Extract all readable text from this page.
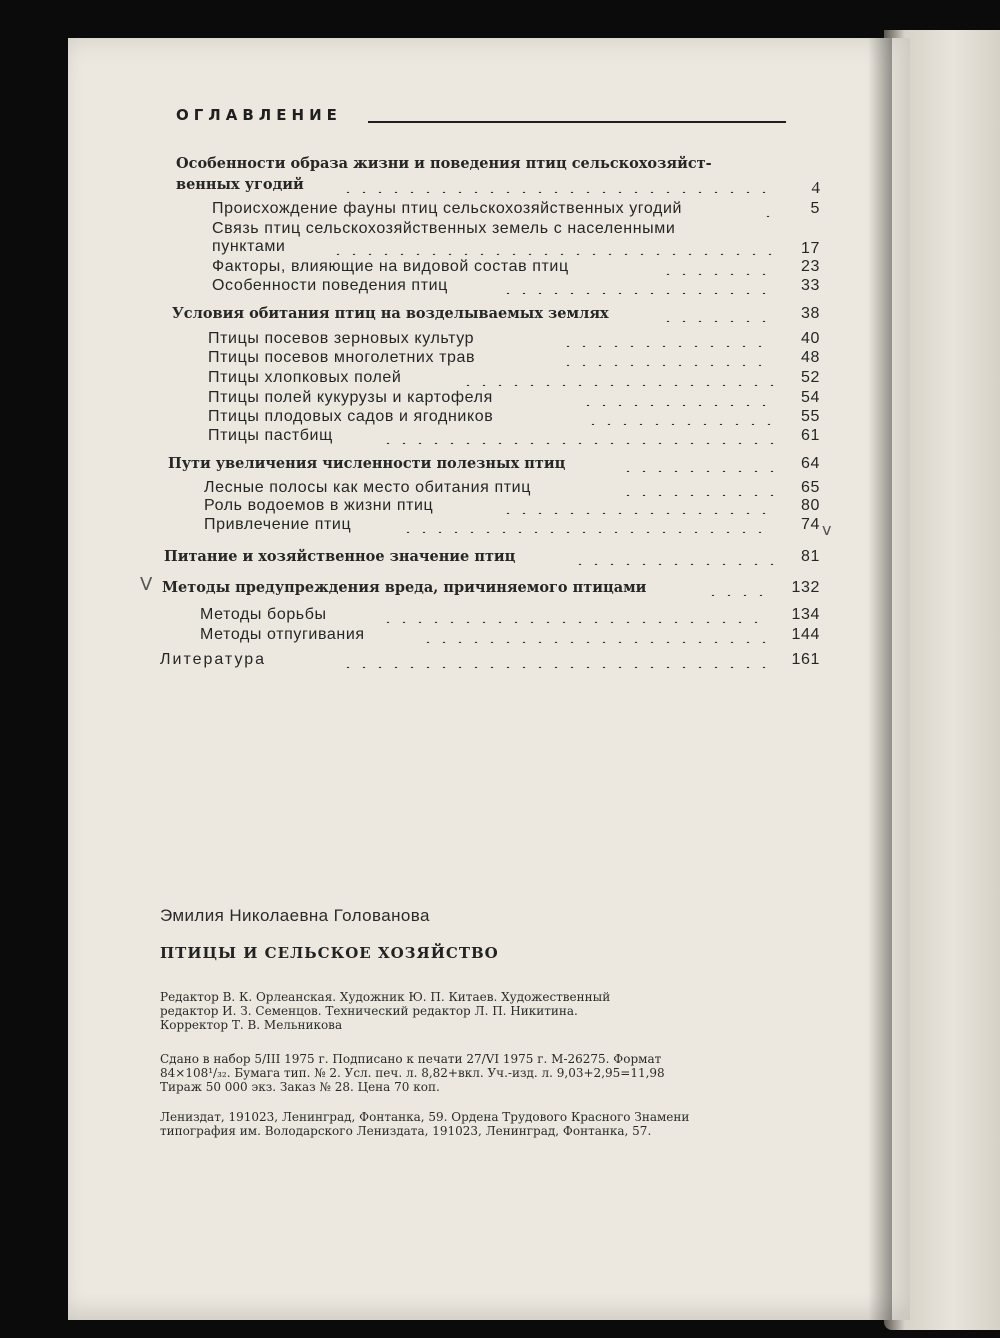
ОГЛАВЛЕНИЕ
Особенности образа жизни и поведения птиц сельскохозяйст-
венных угодий	4
Происхождение фауны птиц сельскохозяйственных угодий	5
Связь птиц сельскохозяйственных земель с населенными
пунктами	17
Факторы, влияющие на видовой состав птиц	23
Особенности поведения птиц	33
Условия обитания птиц на возделываемых землях	38
Птицы посевов зерновых культур	40
Птицы посевов многолетних трав	48
Птицы хлопковых полей	52
Птицы полей кукурузы и картофеля	54
Птицы плодовых садов и ягодников	55
Птицы пастбищ	61
Пути увеличения численности полезных птиц	64
Лесные полосы как место обитания птиц	65
Роль водоемов в жизни птиц	80
Привлечение птиц	74 v
Питание и хозяйственное значение птиц	81
V Методы предупреждения вреда, причиняемого птицами	132
Методы борьбы	134
Методы отпугивания	144
Литература	161
Эмилия Николаевна Голованова
ПТИЦЫ И СЕЛЬСКОЕ ХОЗЯЙСТВО
Редактор В. К. Орлеанская. Художник Ю. П. Китаев. Художественный
редактор И. З. Семенцов. Технический редактор Л. П. Никитина.
Корректор Т. В. Мельникова
Сдано в набор 5/III 1975 г. Подписано к печати 27/VI 1975 г. М-26275. Формат
84×108¹/₃₂. Бумага тип. № 2. Усл. печ. л. 8,82+вкл. Уч.-изд. л. 9,03+2,95=11,98
Тираж 50 000 экз. Заказ № 28. Цена 70 коп.
Лениздат, 191023, Ленинград, Фонтанка, 59. Ордена Трудового Красного Знамени
типография им. Володарского Лениздата, 191023, Ленинград, Фонтанка, 57.
